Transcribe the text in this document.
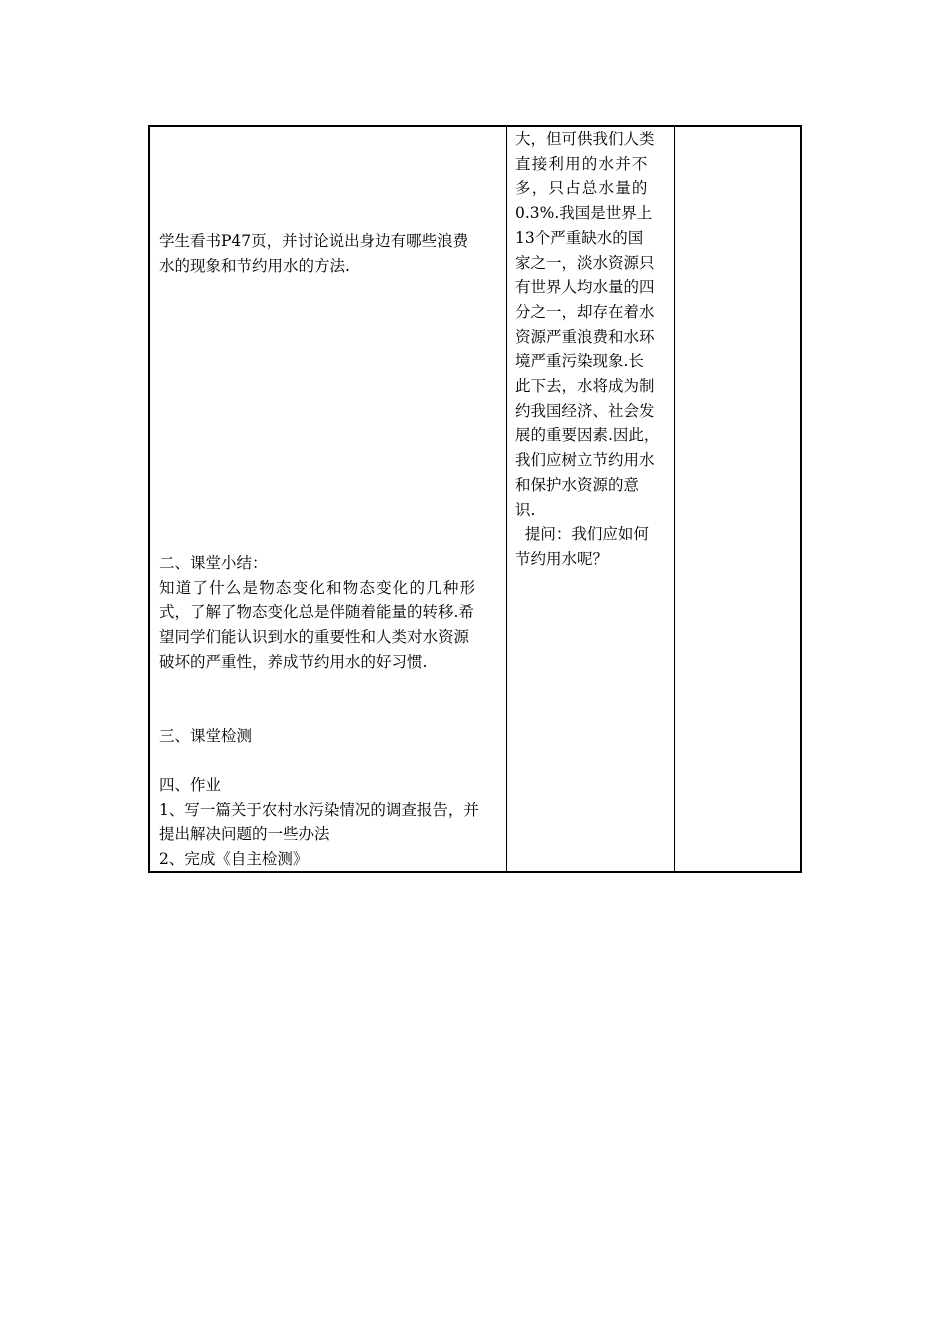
学生看书P47页，并讨论说出身边有哪些浪费
水的现象和节约用水的方法.
二、课堂小结：
知道了什么是物态变化和物态变化的几种形
式，了解了物态变化总是伴随着能量的转移.希
望同学们能认识到水的重要性和人类对水资源
破坏的严重性，养成节约用水的好习惯.
三、课堂检测
四、作业
1、写一篇关于农村水污染情况的调查报告，并
提出解决问题的一些办法
2、完成《自主检测》
大，但可供我们人类
直接利用的水并不
多，只占总水量的
0.3%.我国是世界上
13个严重缺水的国
家之一，淡水资源只
有世界人均水量的四
分之一，却存在着水
资源严重浪费和水环
境严重污染现象.长
此下去，水将成为制
约我国经济、社会发
展的重要因素.因此，
我们应树立节约用水
和保护水资源的意
识.
提问：我们应如何
节约用水呢？
